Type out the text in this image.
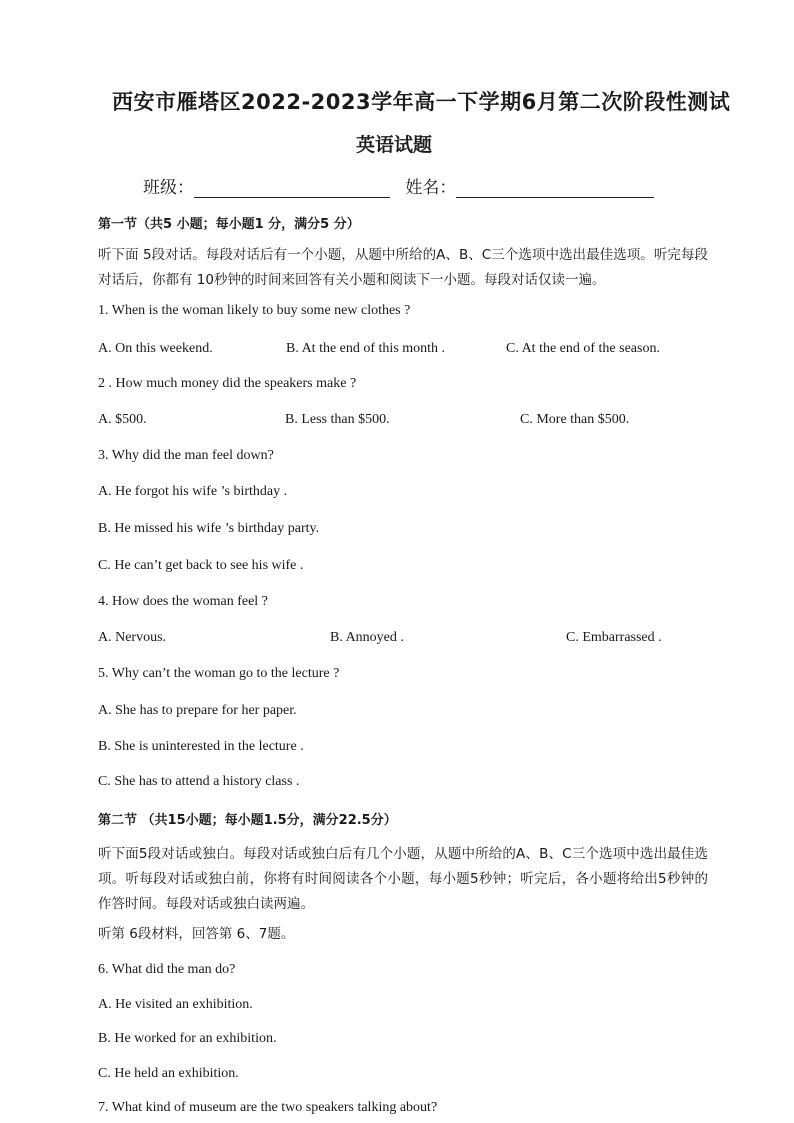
西安市雁塔区2022-2023学年高一下学期6月第二次阶段性测试
英语试题
班级：	姓名：
第一节（共5 小题；每小题1 分，满分5 分）
听下面 5段对话。每段对话后有一个小题，从题中所给的A、B、C三个选项中选出最佳选项。听完每段对话后，你都有 10秒钟的时间来回答有关小题和阅读下一小题。每段对话仅读一遍。
1. When is the woman likely to buy some new clothes ?
A. On this weekend.	B. At the end of this month .	C. At the end of the season.
2 . How much money did the speakers make ?
A. $500.	B. Less than $500.	C. More than $500.
3. Why did the man feel down?
A. He forgot his wife ’s birthday .
B. He missed his wife ’s birthday party.
C. He can’t get back to see his wife .
4. How does the woman feel ?
A. Nervous.	B. Annoyed .	C. Embarrassed .
5. Why can’t the woman go to the lecture ?
A. She has to prepare for her paper.
B. She is uninterested in the lecture .
C. She has to attend a history class .
第二节 （共15小题；每小题1.5分，满分22.5分）
听下面5段对话或独白。每段对话或独白后有几个小题，从题中所给的A、B、C三个选项中选出最佳选项。听每段对话或独白前，你将有时间阅读各个小题，每小题5秒钟；听完后，各小题将给出5秒钟的作答时间。每段对话或独白读两遍。
听第 6段材料，回答第 6、7题。
6. What did the man do?
A. He visited an exhibition.
B. He worked for an exhibition.
C. He held an exhibition.
7. What kind of museum are the two speakers talking about?
